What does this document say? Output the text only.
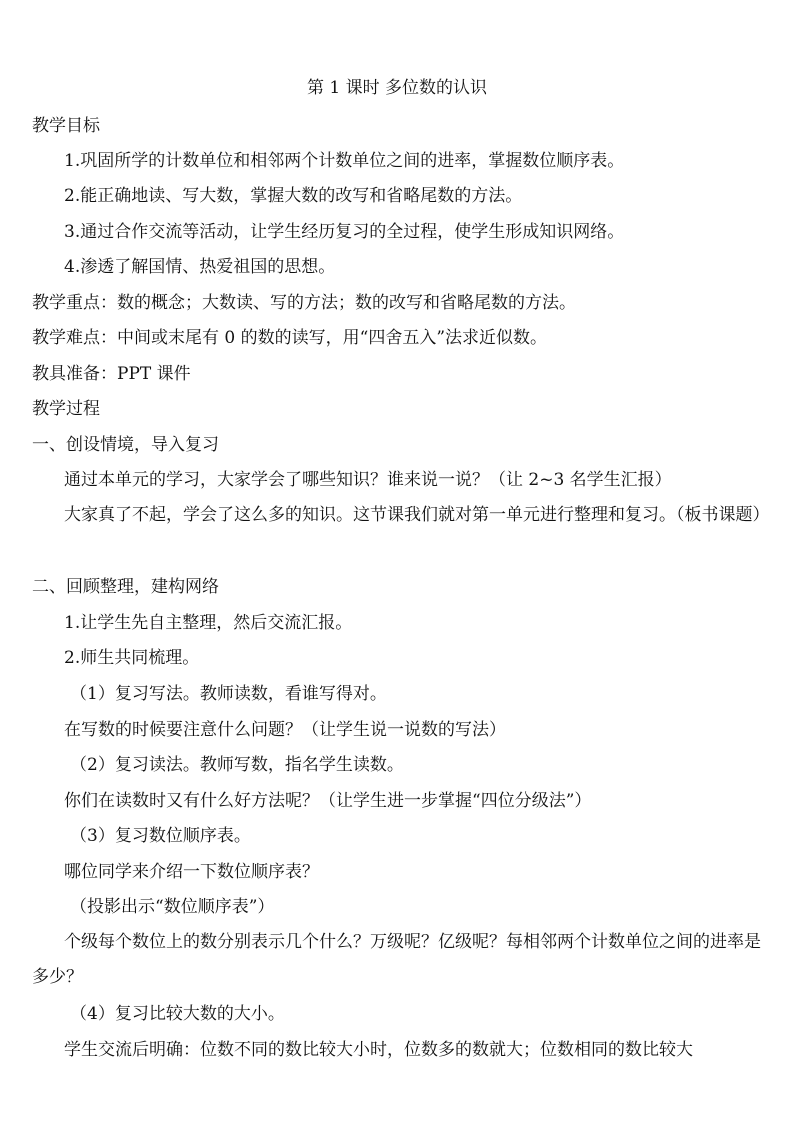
第 1 课时 多位数的认识
教学目标
1.巩固所学的计数单位和相邻两个计数单位之间的进率，掌握数位顺序表。
2.能正确地读、写大数，掌握大数的改写和省略尾数的方法。
3.通过合作交流等活动，让学生经历复习的全过程，使学生形成知识网络。
4.渗透了解国情、热爱祖国的思想。
教学重点：数的概念；大数读、写的方法；数的改写和省略尾数的方法。
教学难点：中间或末尾有 0 的数的读写，用“四舍五入”法求近似数。
教具准备：PPT 课件
教学过程
一、创设情境，导入复习
通过本单元的学习，大家学会了哪些知识？谁来说一说？（让 2~3 名学生汇报）
大家真了不起，学会了这么多的知识。这节课我们就对第一单元进行整理和复习。（板书课题）
二、回顾整理，建构网络
1.让学生先自主整理，然后交流汇报。
2.师生共同梳理。
（1）复习写法。教师读数，看谁写得对。
在写数的时候要注意什么问题？（让学生说一说数的写法）
（2）复习读法。教师写数，指名学生读数。
你们在读数时又有什么好方法呢？（让学生进一步掌握“四位分级法”）
（3）复习数位顺序表。
哪位同学来介绍一下数位顺序表？
（投影出示“数位顺序表”）
个级每个数位上的数分别表示几个什么？万级呢？亿级呢？每相邻两个计数单位之间的进率是多少？
（4）复习比较大数的大小。
学生交流后明确：位数不同的数比较大小时，位数多的数就大；位数相同的数比较大
